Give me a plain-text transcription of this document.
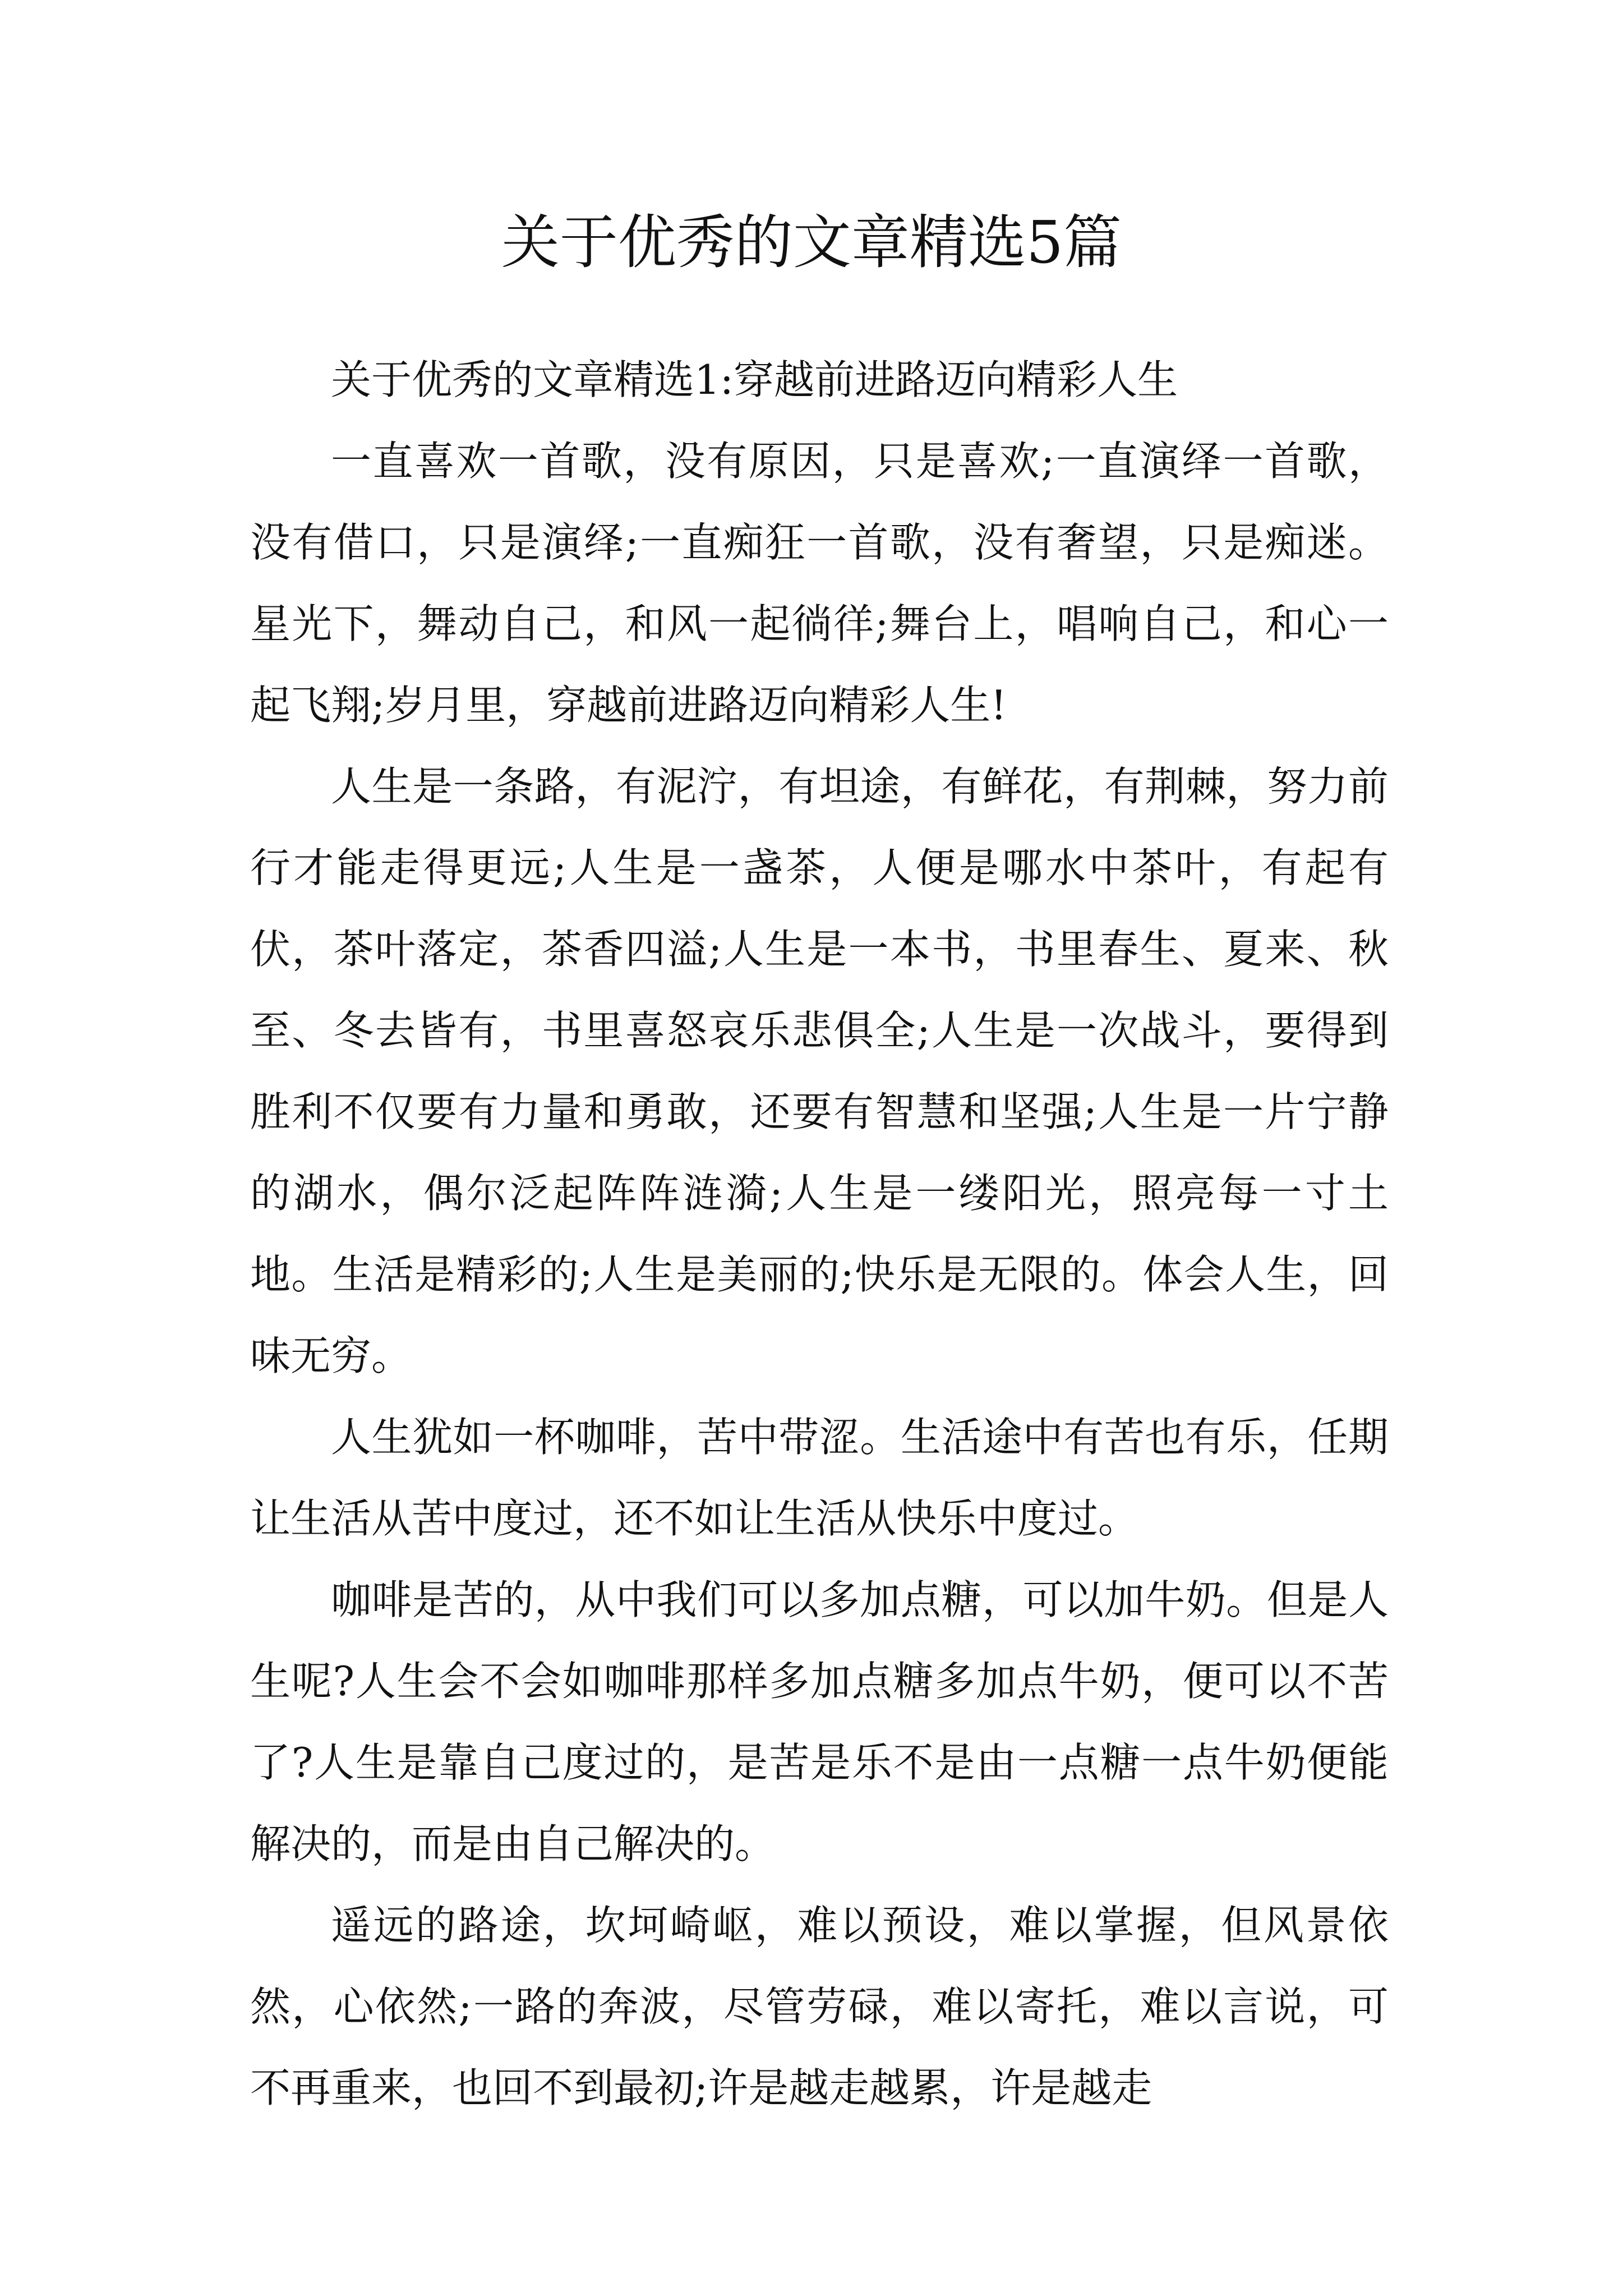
关于优秀的文章精选5篇

关于优秀的文章精选1:穿越前进路迈向精彩人生

一直喜欢一首歌，没有原因，只是喜欢;一直演绎一首歌，没有借口，只是演绎;一直痴狂一首歌，没有奢望，只是痴迷。星光下，舞动自己，和风一起徜徉;舞台上，唱响自己，和心一起飞翔;岁月里，穿越前进路迈向精彩人生!

人生是一条路，有泥泞，有坦途，有鲜花，有荆棘，努力前行才能走得更远;人生是一盏茶，人便是哪水中茶叶，有起有伏，茶叶落定，茶香四溢;人生是一本书，书里春生、夏来、秋至、冬去皆有，书里喜怒哀乐悲俱全;人生是一次战斗，要得到胜利不仅要有力量和勇敢，还要有智慧和坚强;人生是一片宁静的湖水，偶尔泛起阵阵涟漪;人生是一缕阳光，照亮每一寸土地。生活是精彩的;人生是美丽的;快乐是无限的。体会人生，回味无穷。

人生犹如一杯咖啡，苦中带涩。生活途中有苦也有乐，任期让生活从苦中度过，还不如让生活从快乐中度过。

咖啡是苦的，从中我们可以多加点糖，可以加牛奶。但是人生呢?人生会不会如咖啡那样多加点糖多加点牛奶，便可以不苦了?人生是靠自己度过的，是苦是乐不是由一点糖一点牛奶便能解决的，而是由自己解决的。

遥远的路途，坎坷崎岖，难以预设，难以掌握，但风景依然，心依然;一路的奔波，尽管劳碌，难以寄托，难以言说，可不再重来，也回不到最初;许是越走越累，许是越走
